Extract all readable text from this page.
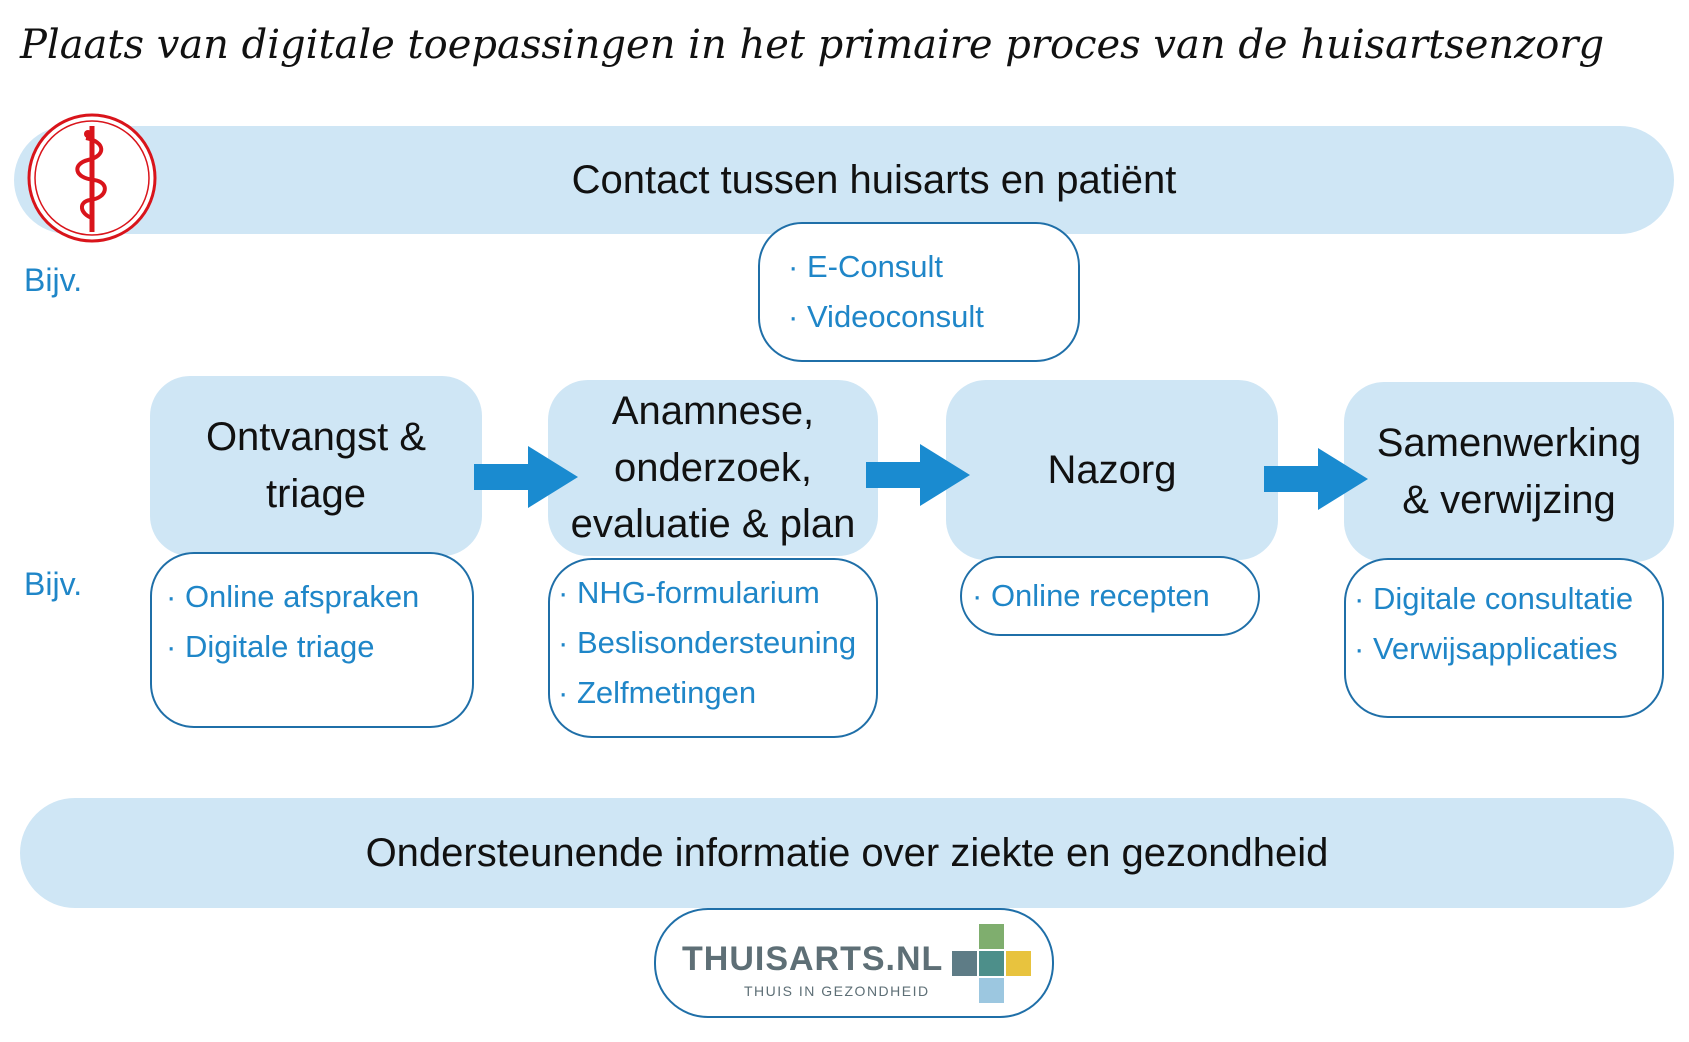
Plaats van digitale toepassingen in het primaire proces van de huisartsenzorg
Contact tussen huisarts en patiënt
Bijv.
Bijv.
· E-Consult
· Videoconsult
Ontvangst & triage
· Online afspraken
· Digitale triage
Anamnese, onderzoek, evaluatie & plan
· NHG-formularium
· Beslisondersteuning
· Zelfmetingen
Nazorg
· Online recepten
Samenwerking & verwijzing
· Digitale consultatie
· Verwijsapplicaties
Ondersteunende informatie over ziekte en gezondheid
THUISARTS.NL
THUIS IN GEZONDHEID
